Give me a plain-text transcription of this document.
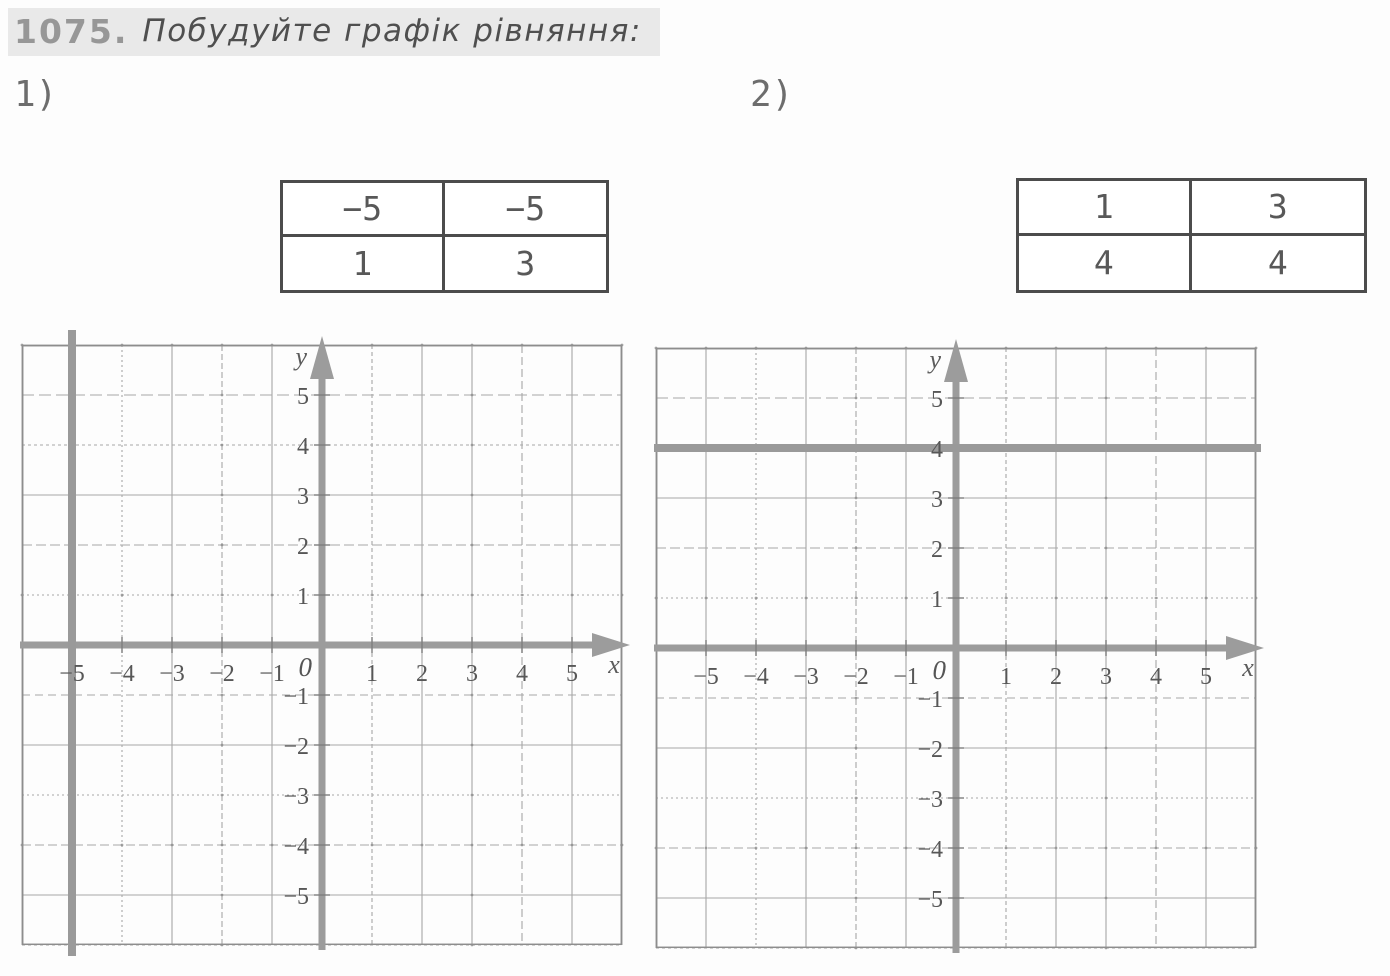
1075. Побудуйте графік рівняння:
1)	2)
−5	−5
1	3
1	3
4	4
−5 −4 −3 −2 −1	1 2 3 4 5
5
4
3
2
1
−1
−2
−3
−4
−5
0
y
x	−5 −4 −3 −2 −1	1 2 3 4 5
5
4
3
2
1
−1
−2
−3
−4
−5
0
y
x
